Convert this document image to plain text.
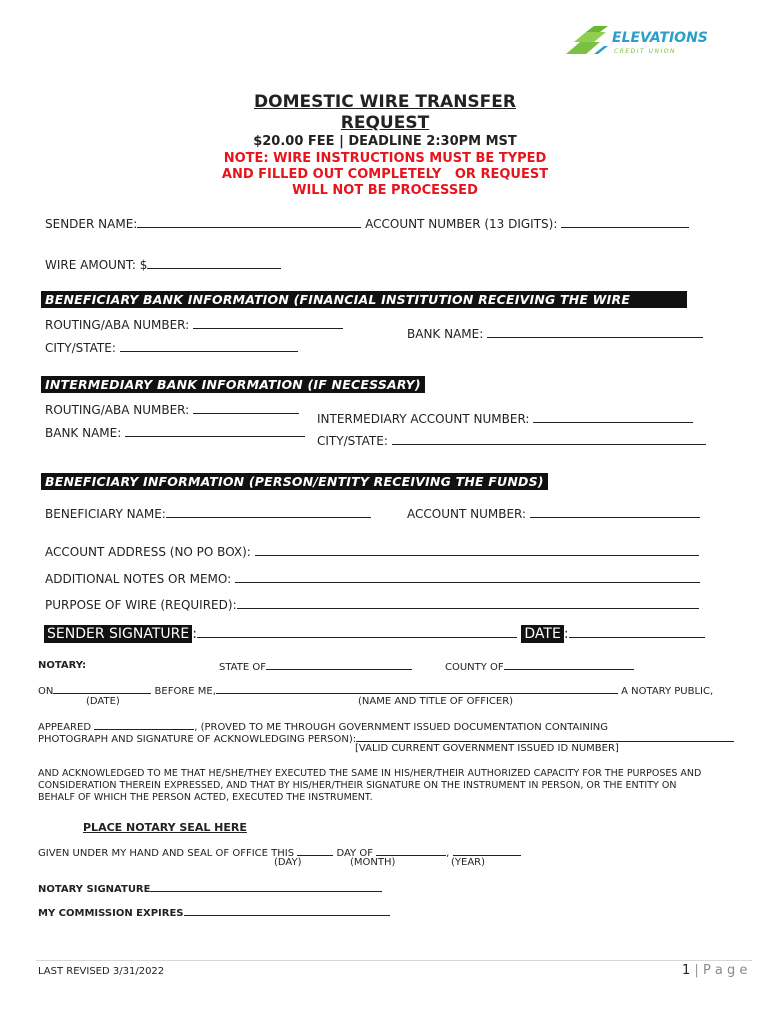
ELEVATIONS
CREDIT UNION
DOMESTIC WIRE TRANSFER
REQUEST
$20.00 FEE | DEADLINE 2:30PM MST
NOTE: WIRE INSTRUCTIONS MUST BE TYPED
AND FILLED OUT COMPLETELY   OR REQUEST
WILL NOT BE PROCESSED
SENDER NAME:	ACCOUNT NUMBER (13 DIGITS):
WIRE AMOUNT: $
BENEFICIARY BANK INFORMATION (FINANCIAL INSTITUTION RECEIVING THE WIRE
ROUTING/ABA NUMBER:
CITY/STATE:
BANK NAME:
INTERMEDIARY BANK INFORMATION (IF NECESSARY)
ROUTING/ABA NUMBER:
BANK NAME:
INTERMEDIARY ACCOUNT NUMBER:
CITY/STATE:
BENEFICIARY INFORMATION (PERSON/ENTITY RECEIVING THE FUNDS)
BENEFICIARY NAME:	ACCOUNT NUMBER:
ACCOUNT ADDRESS (NO PO BOX):
ADDITIONAL NOTES OR MEMO:
PURPOSE OF WIRE (REQUIRED):
SENDER SIGNATURE :	DATE :
NOTARY:	STATE OF	COUNTY OF
ON	BEFORE ME,	A NOTARY PUBLIC,
(DATE)	(NAME AND TITLE OF OFFICER)
APPEARED	, (PROVED TO ME THROUGH GOVERNMENT ISSUED DOCUMENTATION CONTAINING
PHOTOGRAPH AND SIGNATURE OF ACKNOWLEDGING PERSON):
[VALID CURRENT GOVERNMENT ISSUED ID NUMBER]
AND ACKNOWLEDGED TO ME THAT HE/SHE/THEY EXECUTED THE SAME IN HIS/HER/THEIR AUTHORIZED CAPACITY FOR THE PURPOSES AND
CONSIDERATION THEREIN EXPRESSED, AND THAT BY HIS/HER/THEIR SIGNATURE ON THE INSTRUMENT IN PERSON, OR THE ENTITY ON
BEHALF OF WHICH THE PERSON ACTED, EXECUTED THE INSTRUMENT.
PLACE NOTARY SEAL HERE
GIVEN UNDER MY HAND AND SEAL OF OFFICE THIS	DAY OF	,
(DAY)	(MONTH)	(YEAR)
NOTARY SIGNATURE
MY COMMISSION EXPIRES
LAST REVISED 3/31/2022	1 | P a g e
